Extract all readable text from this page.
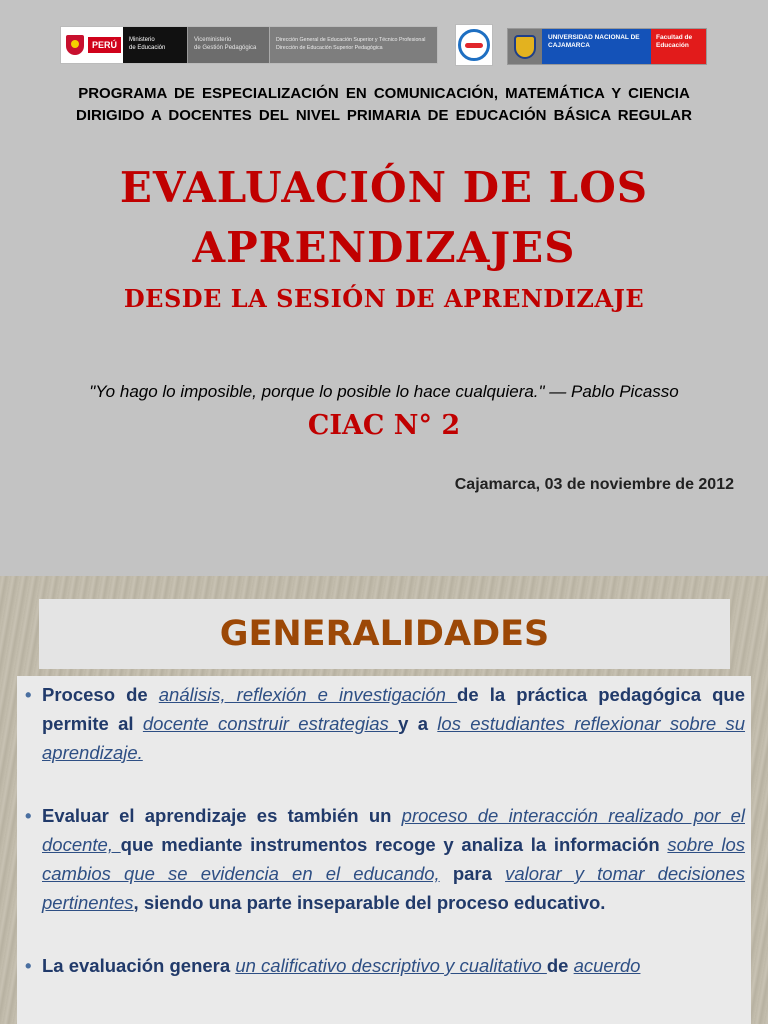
PERÚ	Ministerio
de Educación
Viceministerio
de Gestión Pedagógica
Dirección General de Educación Superior y Técnico Profesional
Dirección de Educación Superior Pedagógica
UNIVERSIDAD NACIONAL DE
CAJAMARCA
Facultad de
Educación
PROGRAMA DE ESPECIALIZACIÓN EN COMUNICACIÓN, MATEMÁTICA Y CIENCIA
DIRIGIDO A DOCENTES DEL NIVEL PRIMARIA DE EDUCACIÓN BÁSICA REGULAR
EVALUACIÓN DE LOS
APRENDIZAJES
DESDE LA SESIÓN DE APRENDIZAJE
"Yo hago lo imposible, porque lo posible lo hace cualquiera." — Pablo Picasso
CIAC N° 2
Cajamarca, 03 de noviembre de 2012
GENERALIDADES
• Proceso de análisis, reflexión e investigación de la práctica pedagógica que permite al docente construir estrategias y a los estudiantes reflexionar sobre su aprendizaje.
• Evaluar el aprendizaje es también un proceso de interacción realizado por el docente, que mediante instrumentos recoge y analiza la información sobre los cambios que se evidencia en el educando, para valorar y tomar decisiones pertinentes, siendo una parte inseparable del proceso educativo.
• La evaluación genera un calificativo descriptivo y cualitativo de acuerdo
